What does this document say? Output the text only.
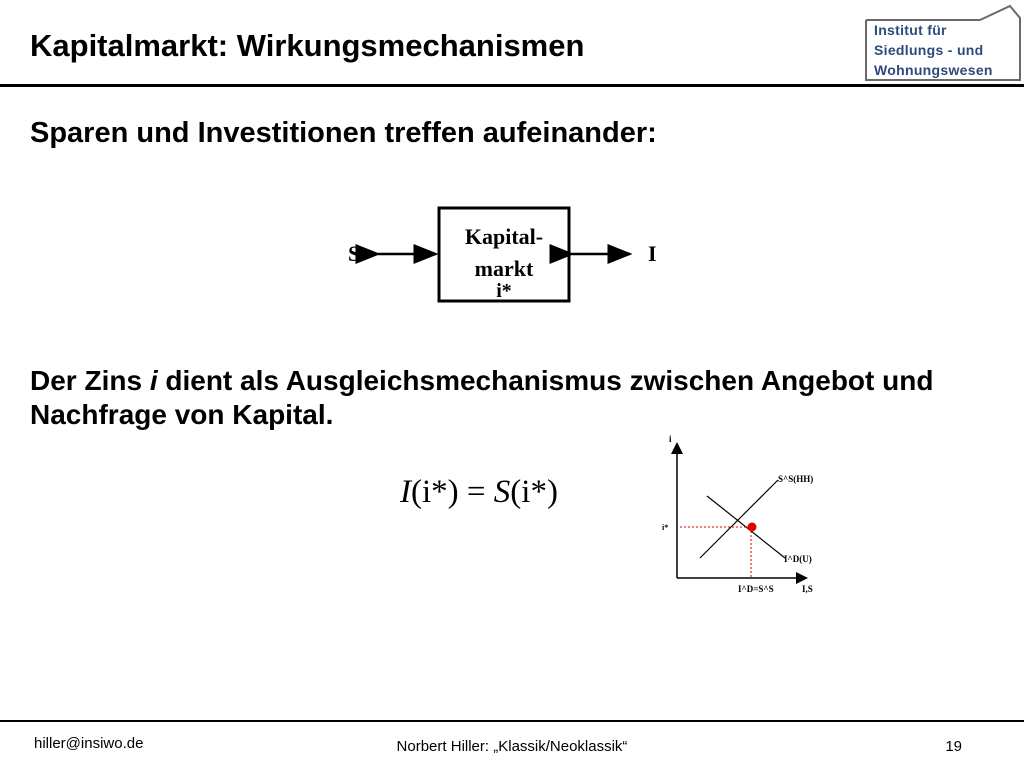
Kapitalmarkt: Wirkungsmechanismen	Institut für
Siedlungs - und
Wohnungswesen
Sparen und Investitionen treffen aufeinander:
S
Kapital-
markt
i*
I

Der Zins i dient als Ausgleichsmechanismus zwischen Angebot und Nachfrage von Kapital.

I(i*) = S(i*)
i
I,S
i*
S^S(HH)
I^D(U)
I^D=S^S
hiller@insiwo.de	Norbert Hiller: „Klassik/Neoklassik“	19
